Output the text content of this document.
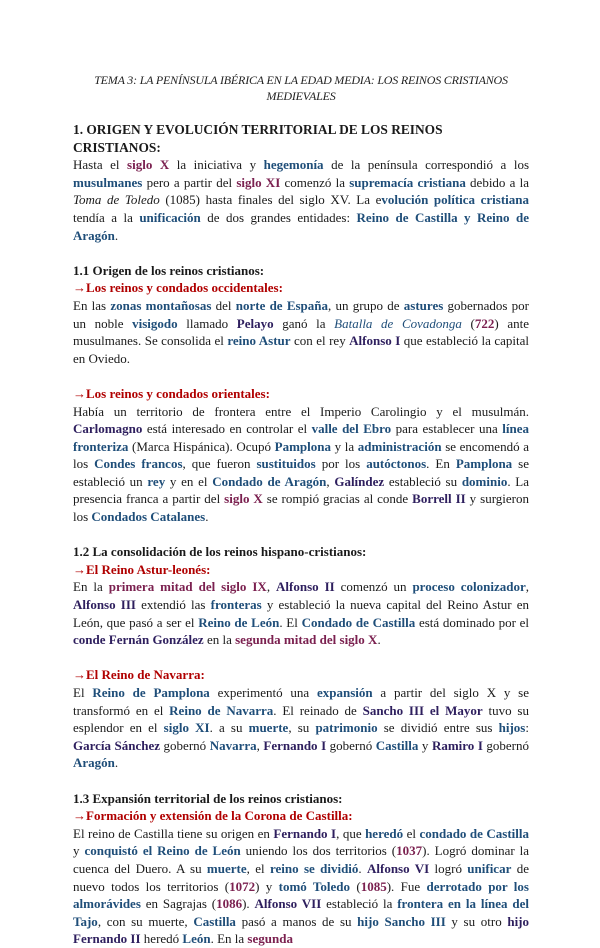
TEMA 3: LA PENÍNSULA IBÉRICA EN LA EDAD MEDIA: LOS REINOS CRISTIANOS MEDIEVALES
1. ORIGEN Y EVOLUCIÓN TERRITORIAL DE LOS REINOS CRISTIANOS:
Hasta el siglo X la iniciativa y hegemonía de la península correspondió a los musulmanes pero a partir del siglo XI comenzó la supremacía cristiana debido a la Toma de Toledo (1085) hasta finales del siglo XV. La evolución política cristiana tendía a la unificación de dos grandes entidades: Reino de Castilla y Reino de Aragón.
1.1 Origen de los reinos cristianos:
→Los reinos y condados occidentales:
En las zonas montañosas del norte de España, un grupo de astures gobernados por un noble visigodo llamado Pelayo ganó la Batalla de Covadonga (722) ante musulmanes. Se consolida el reino Astur con el rey Alfonso I que estableció la capital en Oviedo.
→Los reinos y condados orientales:
Había un territorio de frontera entre el Imperio Carolingio y el musulmán. Carlomagno está interesado en controlar el valle del Ebro para establecer una línea fronteriza (Marca Hispánica). Ocupó Pamplona y la administración se encomendó a los Condes francos, que fueron sustituidos por los autóctonos. En Pamplona se estableció un rey y en el Condado de Aragón, Galíndez estableció su dominio. La presencia franca a partir del siglo X se rompió gracias al conde Borrell II y surgieron los Condados Catalanes.
1.2 La consolidación de los reinos hispano-cristianos:
→El Reino Astur-leonés:
En la primera mitad del siglo IX, Alfonso II comenzó un proceso colonizador, Alfonso III extendió las fronteras y estableció la nueva capital del Reino Astur en León, que pasó a ser el Reino de León. El Condado de Castilla está dominado por el conde Fernán González en la segunda mitad del siglo X.
→El Reino de Navarra:
El Reino de Pamplona experimentó una expansión a partir del siglo X y se transformó en el Reino de Navarra. El reinado de Sancho III el Mayor tuvo su esplendor en el siglo XI. a su muerte, su patrimonio se dividió entre sus hijos: García Sánchez gobernó Navarra, Fernando I gobernó Castilla y Ramiro I gobernó Aragón.
1.3 Expansión territorial de los reinos cristianos:
→Formación y extensión de la Corona de Castilla:
El reino de Castilla tiene su origen en Fernando I, que heredó el condado de Castilla y conquistó el Reino de León uniendo los dos territorios (1037). Logró dominar la cuenca del Duero. A su muerte, el reino se dividió. Alfonso VI logró unificar de nuevo todos los territorios (1072) y tomó Toledo (1085). Fue derrotado por los almorávides en Sagrajas (1086). Alfonso VII estableció la frontera en la línea del Tajo, con su muerte, Castilla pasó a manos de su hijo Sancho III y su otro hijo Fernando II heredó León. En la segunda
